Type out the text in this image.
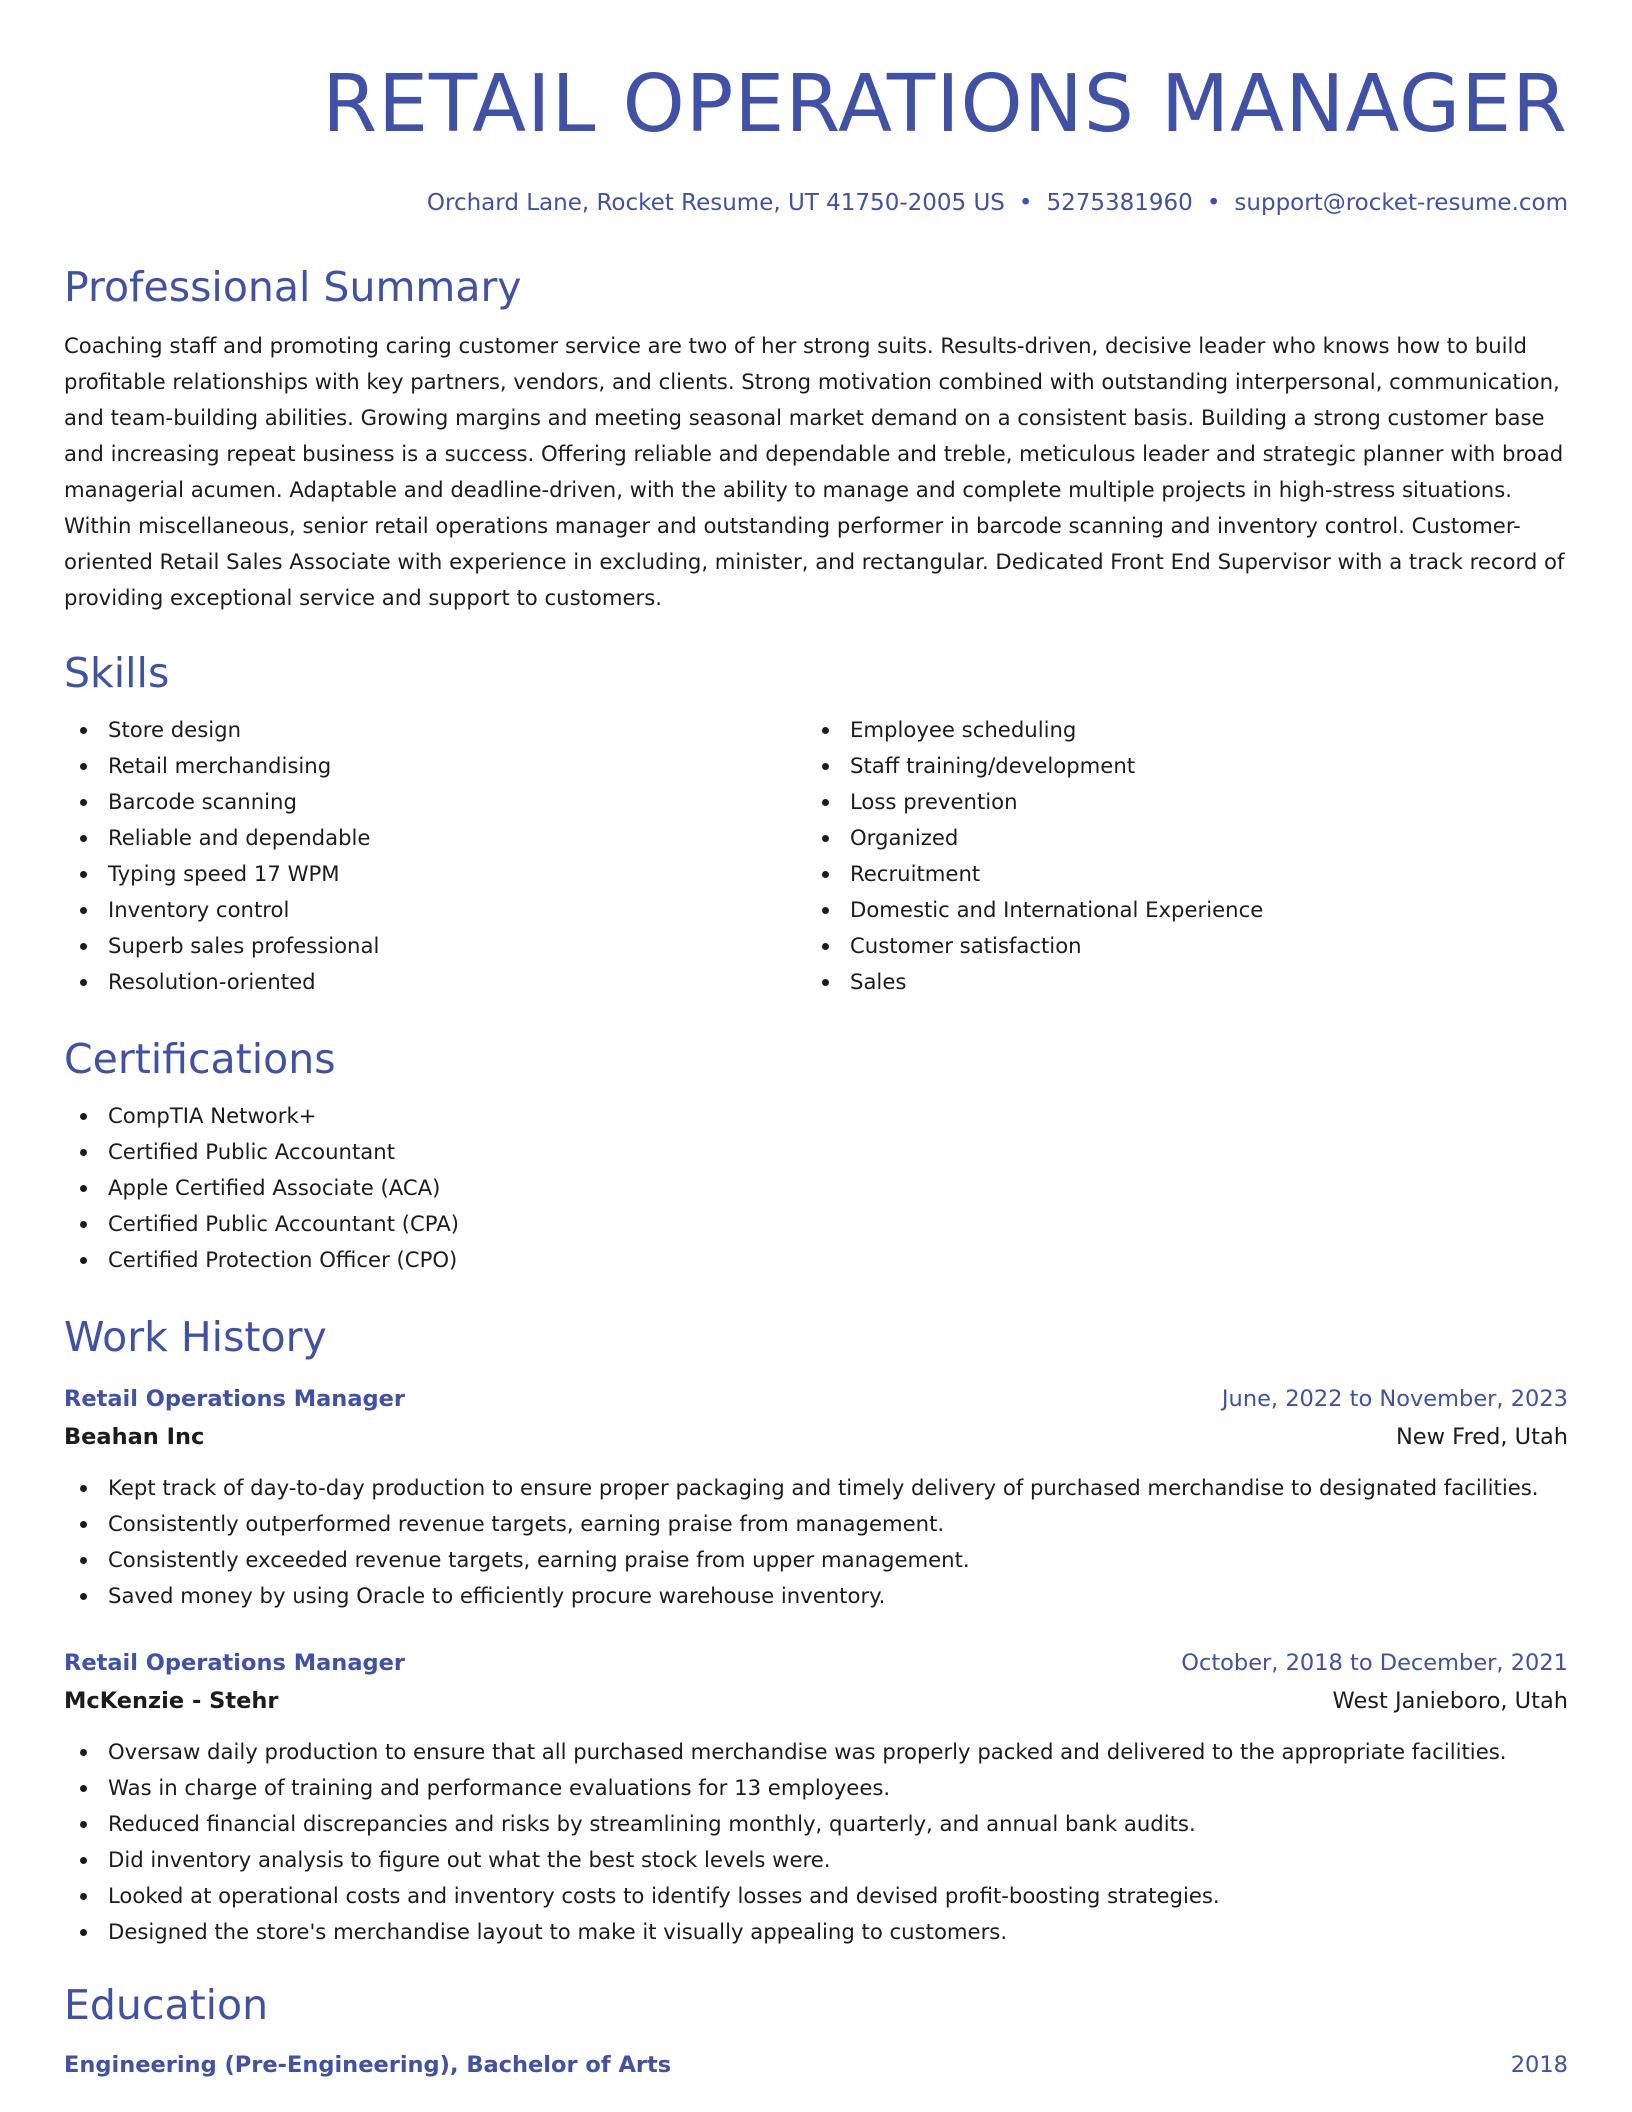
RETAIL OPERATIONS MANAGER
Orchard Lane, Rocket Resume, UT 41750-2005 US • 5275381960 • support@rocket-resume.com
Professional Summary

Coaching staff and promoting caring customer service are two of her strong suits. Results-driven, decisive leader who knows how to build profitable relationships with key partners, vendors, and clients. Strong motivation combined with outstanding interpersonal, communication, and team-building abilities. Growing margins and meeting seasonal market demand on a consistent basis. Building a strong customer base and increasing repeat business is a success. Offering reliable and dependable and treble, meticulous leader and strategic planner with broad managerial acumen. Adaptable and deadline-driven, with the ability to manage and complete multiple projects in high-stress situations. Within miscellaneous, senior retail operations manager and outstanding performer in barcode scanning and inventory control. Customer-oriented Retail Sales Associate with experience in excluding, minister, and rectangular. Dedicated Front End Supervisor with a track record of providing exceptional service and support to customers.

Skills
Store design
Retail merchandising
Barcode scanning
Reliable and dependable
Typing speed 17 WPM
Inventory control
Superb sales professional
Resolution-oriented
Employee scheduling
Staff training/development
Loss prevention
Organized
Recruitment
Domestic and International Experience
Customer satisfaction
Sales
Certifications
CompTIA Network+
Certified Public Accountant
Apple Certified Associate (ACA)
Certified Public Accountant (CPA)
Certified Protection Officer (CPO)
Work History
Retail Operations Manager	June, 2022 to November, 2023
Beahan Inc	New Fred, Utah
Kept track of day-to-day production to ensure proper packaging and timely delivery of purchased merchandise to designated facilities.
Consistently outperformed revenue targets, earning praise from management.
Consistently exceeded revenue targets, earning praise from upper management.
Saved money by using Oracle to efficiently procure warehouse inventory.
Retail Operations Manager	October, 2018 to December, 2021
McKenzie - Stehr	West Janieboro, Utah
Oversaw daily production to ensure that all purchased merchandise was properly packed and delivered to the appropriate facilities.
Was in charge of training and performance evaluations for 13 employees.
Reduced financial discrepancies and risks by streamlining monthly, quarterly, and annual bank audits.
Did inventory analysis to figure out what the best stock levels were.
Looked at operational costs and inventory costs to identify losses and devised profit-boosting strategies.
Designed the store's merchandise layout to make it visually appealing to customers.
Education
Engineering (Pre-Engineering), Bachelor of Arts	2018
